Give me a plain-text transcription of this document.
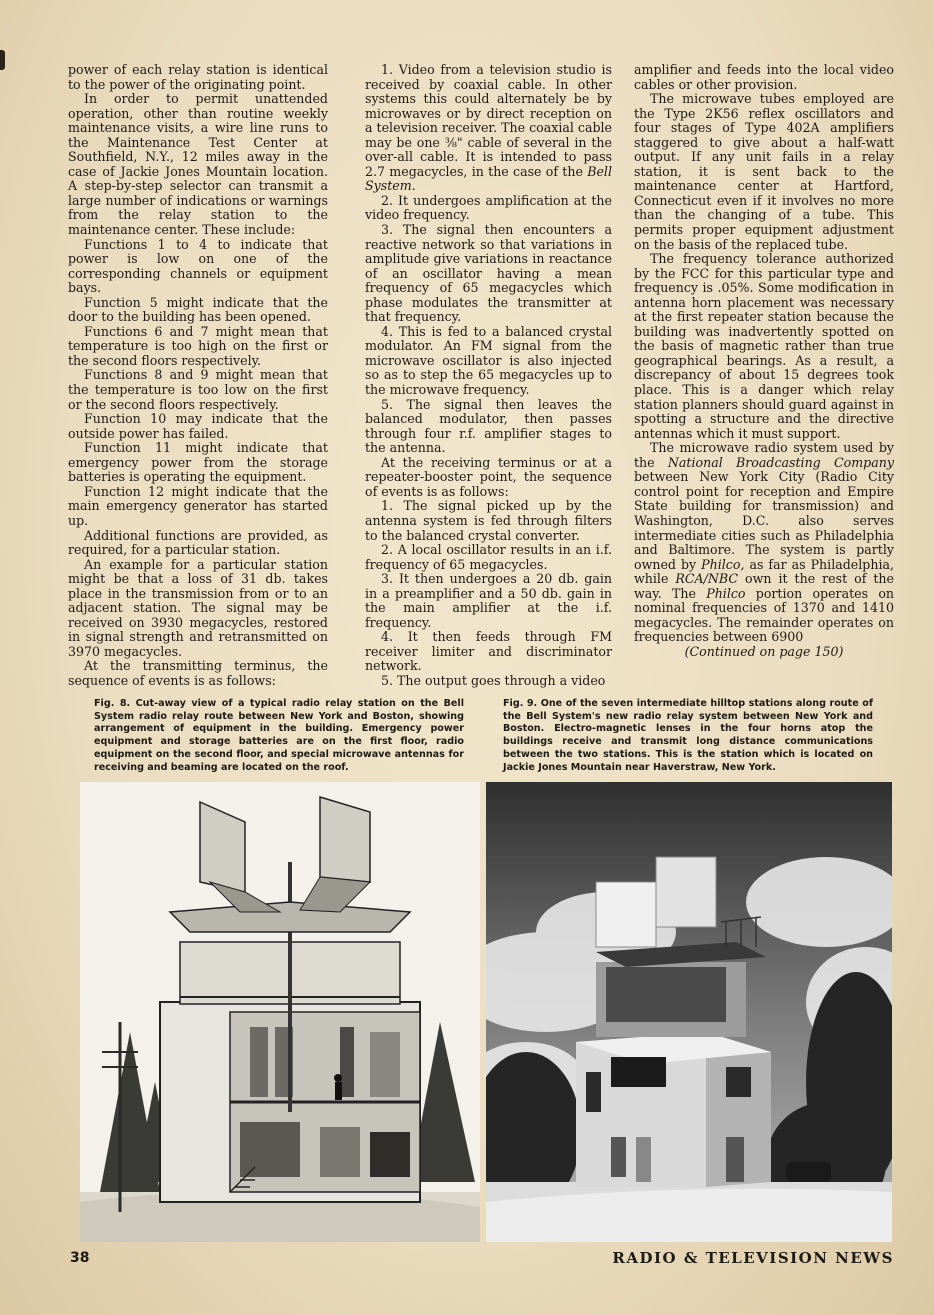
power of each relay station is identical to the power of the originating point.

In order to permit unattended operation, other than routine weekly maintenance visits, a wire line runs to the Maintenance Test Center at Southfield, N.Y., 12 miles away in the case of Jackie Jones Mountain location. A step-by-step selector can transmit a large number of indications or warnings from the relay station to the maintenance center. These include:

Functions 1 to 4 to indicate that power is low on one of the corresponding channels or equipment bays.

Function 5 might indicate that the door to the building has been opened.

Functions 6 and 7 might mean that temperature is too high on the first or the second floors respectively.

Functions 8 and 9 might mean that the temperature is too low on the first or the second floors respectively.

Function 10 may indicate that the outside power has failed.

Function 11 might indicate that emergency power from the storage batteries is operating the equipment.

Function 12 might indicate that the main emergency generator has started up.

Additional functions are provided, as required, for a particular station.

An example for a particular station might be that a loss of 31 db. takes place in the transmission from or to an adjacent station. The signal may be received on 3930 megacycles, restored in signal strength and retransmitted on 3970 megacycles.

At the transmitting terminus, the sequence of events is as follows:

1. Video from a television studio is received by coaxial cable. In other systems this could alternately be by microwaves or by direct reception on a television receiver. The coaxial cable may be one ⅜" cable of several in the over-all cable. It is intended to pass 2.7 megacycles, in the case of the Bell System.

2. It undergoes amplification at the video frequency.

3. The signal then encounters a reactive network so that variations in amplitude give variations in reactance of an oscillator having a mean frequency of 65 megacycles which phase modulates the transmitter at that frequency.

4. This is fed to a balanced crystal modulator. An FM signal from the microwave oscillator is also injected so as to step the 65 megacycles up to the microwave frequency.

5. The signal then leaves the balanced modulator, then passes through four r.f. amplifier stages to the antenna.

At the receiving terminus or at a repeater-booster point, the sequence of events is as follows:

1. The signal picked up by the antenna system is fed through filters to the balanced crystal converter.

2. A local oscillator results in an i.f. frequency of 65 megacycles.

3. It then undergoes a 20 db. gain in a preamplifier and a 50 db. gain in the main amplifier at the i.f. frequency.

4. It then feeds through FM receiver limiter and discriminator network.

5. The output goes through a video

amplifier and feeds into the local video cables or other provision.

The microwave tubes employed are the Type 2K56 reflex oscillators and four stages of Type 402A amplifiers staggered to give about a half-watt output. If any unit fails in a relay station, it is sent back to the maintenance center at Hartford, Connecticut even if it involves no more than the changing of a tube. This permits proper equipment adjustment on the basis of the replaced tube.

The frequency tolerance authorized by the FCC for this particular type and frequency is .05%. Some modification in antenna horn placement was necessary at the first repeater station because the building was inadvertently spotted on the basis of magnetic rather than true geographical bearings. As a result, a discrepancy of about 15 degrees took place. This is a danger which relay station planners should guard against in spotting a structure and the directive antennas which it must support.

The microwave radio system used by the National Broadcasting Company between New York City (Radio City control point for reception and Empire State building for transmission) and Washington, D.C. also serves intermediate cities such as Philadelphia and Baltimore. The system is partly owned by Philco, as far as Philadelphia, while RCA/NBC own it the rest of the way. The Philco portion operates on nominal frequencies of 1370 and 1410 megacycles. The remainder operates on frequencies between 6900

(Continued on page 150)

Fig. 8. Cut-away view of a typical radio relay station on the Bell System radio relay route between New York and Boston, showing arrangement of equipment in the building. Emergency power equipment and storage batteries are on the first floor, radio equipment on the second floor, and special microwave antennas for receiving and beaming are located on the roof.
Fig. 9. One of the seven intermediate hilltop stations along route of the Bell System's new radio relay system between New York and Boston. Electro-magnetic lenses in the four horns atop the buildings receive and transmit long distance communications between the two stations. This is the station which is located on Jackie Jones Mountain near Haverstraw, New York.
38	RADIO & TELEVISION NEWS
